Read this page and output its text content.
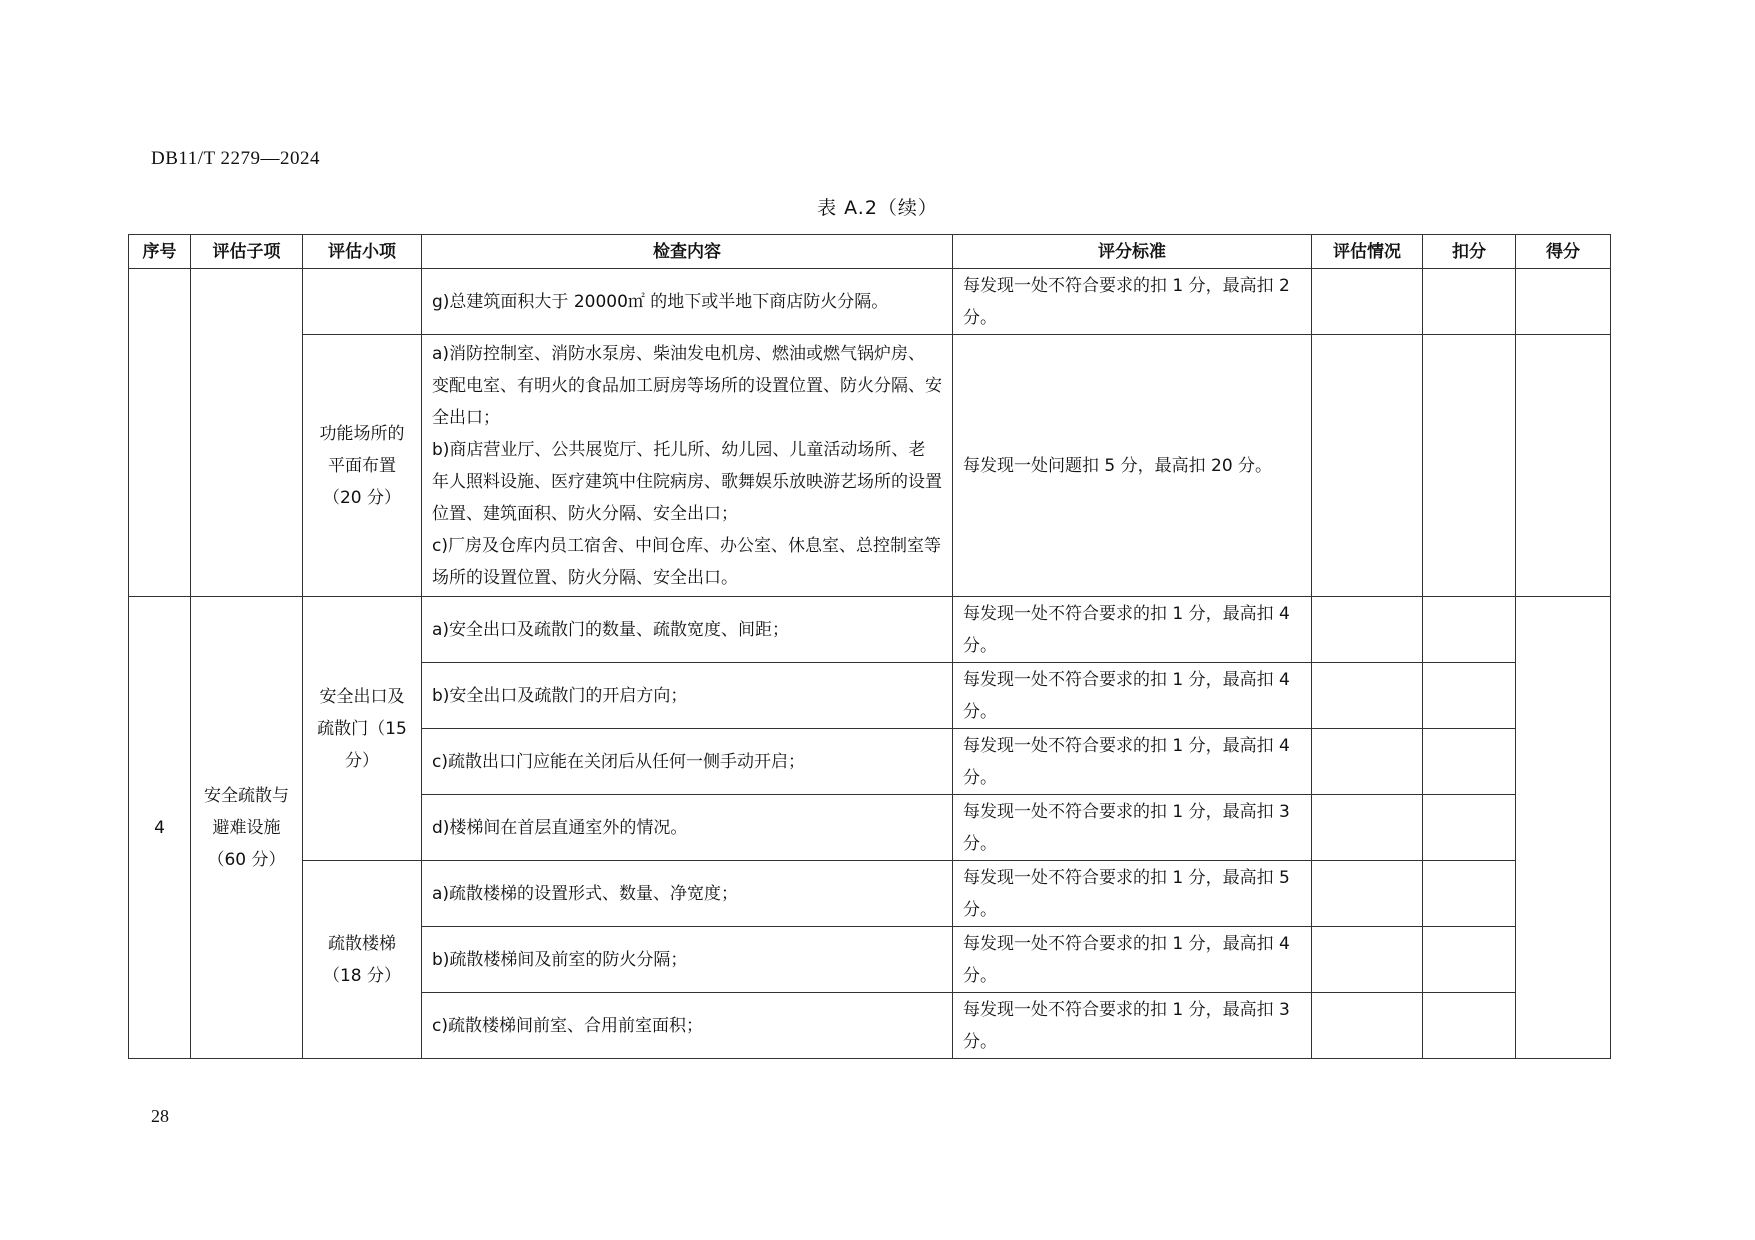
DB11/T 2279—2024
表 A.2（续）
序号	评估子项	评估小项	检查内容	评分标准	评估情况	扣分	得分
			g)总建筑面积大于 20000㎡ 的地下或半地下商店防火分隔。	每发现一处不符合要求的扣 1 分，最高扣 2 分。			
		功能场所的平面布置（20 分）	a)消防控制室、消防水泵房、柴油发电机房、燃油或燃气锅炉房、变配电室、有明火的食品加工厨房等场所的设置位置、防火分隔、安全出口；
b)商店营业厅、公共展览厅、托儿所、幼儿园、儿童活动场所、老年人照料设施、医疗建筑中住院病房、歌舞娱乐放映游艺场所的设置位置、建筑面积、防火分隔、安全出口；
c)厂房及仓库内员工宿舍、中间仓库、办公室、休息室、总控制室等场所的设置位置、防火分隔、安全出口。	每发现一处问题扣 5 分，最高扣 20 分。			
4	安全疏散与避难设施（60 分）	安全出口及疏散门（15 分）	a)安全出口及疏散门的数量、疏散宽度、间距；	每发现一处不符合要求的扣 1 分，最高扣 4 分。			
			b)安全出口及疏散门的开启方向；	每发现一处不符合要求的扣 1 分，最高扣 4 分。			
			c)疏散出口门应能在关闭后从任何一侧手动开启；	每发现一处不符合要求的扣 1 分，最高扣 4 分。			
			d)楼梯间在首层直通室外的情况。	每发现一处不符合要求的扣 1 分，最高扣 3 分。			
		疏散楼梯（18 分）	a)疏散楼梯的设置形式、数量、净宽度；	每发现一处不符合要求的扣 1 分，最高扣 5 分。			
			b)疏散楼梯间及前室的防火分隔；	每发现一处不符合要求的扣 1 分，最高扣 4 分。			
			c)疏散楼梯间前室、合用前室面积；	每发现一处不符合要求的扣 1 分，最高扣 3 分。			
28
